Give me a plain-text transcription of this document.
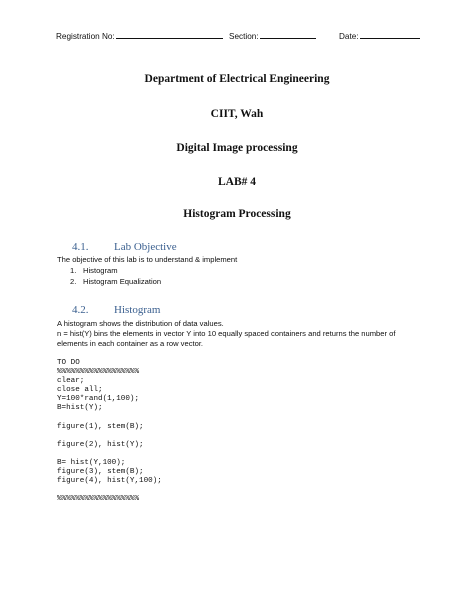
Registration No:	Section:	Date:
Department of Electrical Engineering
CIIT, Wah
Digital Image processing
LAB# 4
Histogram Processing
4.1. Lab Objective
The objective of this lab is to understand & implement
1. Histogram
2. Histogram Equalization
4.2. Histogram
A histogram shows the distribution of data values.
n = hist(Y) bins the elements in vector Y into 10 equally spaced containers and returns the number of
elements in each container as a row vector.
TO DO
%%%%%%%%%%%%%%%%%%
clear;
close all;
Y=100*rand(1,100);
B=hist(Y);
figure(1), stem(B);
figure(2), hist(Y);
B= hist(Y,100);
figure(3), stem(B);
figure(4), hist(Y,100);
%%%%%%%%%%%%%%%%%%
